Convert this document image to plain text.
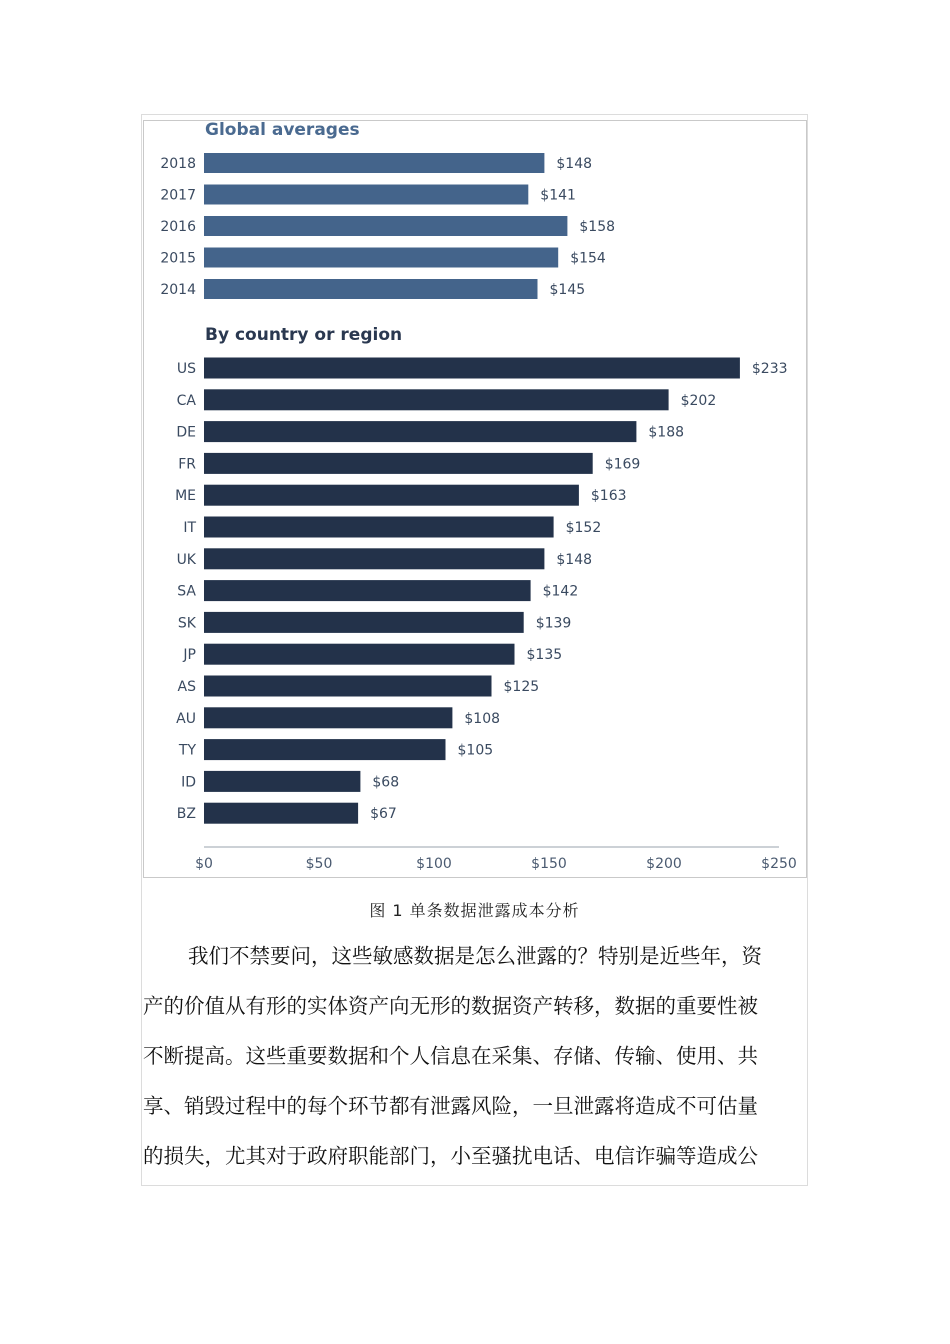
Global averages
2018	$148
2017	$141
2016	$158
2015	$154
2014	$145
By country or region
US	$233
CA	$202
DE	$188
FR	$169
ME	$163
IT	$152
UK	$148
SA	$142
SK	$139
JP	$135
AS	$125
AU	$108
TY	$105
ID	$68
BZ	$67
$0	$50	$100	$150	$200	$250
图 1 单条数据泄露成本分析
我们不禁要问，这些敏感数据是怎么泄露的？特别是近些年，资
产的价值从有形的实体资产向无形的数据资产转移，数据的重要性被
不断提高。这些重要数据和个人信息在采集、存储、传输、使用、共
享、销毁过程中的每个环节都有泄露风险，一旦泄露将造成不可估量
的损失，尤其对于政府职能部门，小至骚扰电话、电信诈骗等造成公
